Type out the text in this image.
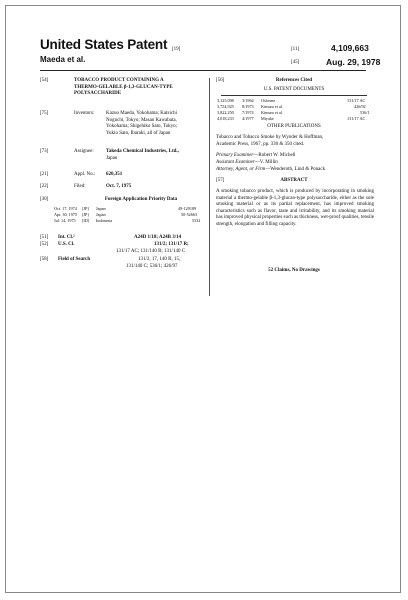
United States Patent [19]
Maeda et al.
[11]	4,109,663
[45]	Aug. 29, 1978
[54]	TOBACCO PRODUCT CONTAINING A
THERMO-GELABLE β-1,3-GLUCAN-TYPE
POLYSACCHARIDE
[75]	Inventors: Kazuo Maeda, Yokohama; Katsichi
Noguchi, Tokyo; Masao Kawabata,
Yokohama; Shigehiko Sato, Tokyo;
Yukio Sato, Ibaraki, all of Japan
[73]	Assignee: Takeda Chemical Industries, Ltd.,
Japan
[21]	Appl. No.: 620,351
[22]	Filed:	Oct. 7, 1975
[30]	Foreign Application Priority Data
Oct. 17, 1974 [JP] Japan	49-120189
Apr. 30, 1975 [JP] Japan	50-52663
Jul. 14, 1975 [ID] Indonesia	5332
[51] Int. Cl.²	A24D 1/18; A24B 3/14
[52] U.S. Cl.	131/2; 131/17 R;
131/17 AC; 131/140 R; 131/140 C
[58] Field of Search	131/2, 17, 140 R, 15,
131/140 C; 536/1; 426/97
[56]	References Cited
U.S. PATENT DOCUMENTS
3,125,098 3/1964 Osborne	131/17 AC
3,754,925 8/1973 Kimura et al.	426/92
3,822,250 7/1974 Kimura et al.	536/1
4,018,233 4/1977 Miyake	131/17 AC
OTHER PUBLICATIONS
Tobacco and Tobacco Smoke by Wynder & Hoffman,
Academic Press, 1967, pp. 330 & 350 cited.
Primary Examiner—Robert W. Michell
Assistant Examiner—V. Millin
Attorney, Agent, or Firm—Wenderoth, Lind & Ponack
[57]	ABSTRACT
A smoking tobacco product, which is produced by incorporating in smoking material a thermo-gelable β-1,3-glucan-type polysaccharide, either as the sole smoking material or as its partial replacement, has improved smoking characteristics such as flavor, taste and irritability, and its smoking material has improved physical properties such as thickness, wet-proof qualities, tensile strength, elongation and filling capacity.
52 Claims, No Drawings
